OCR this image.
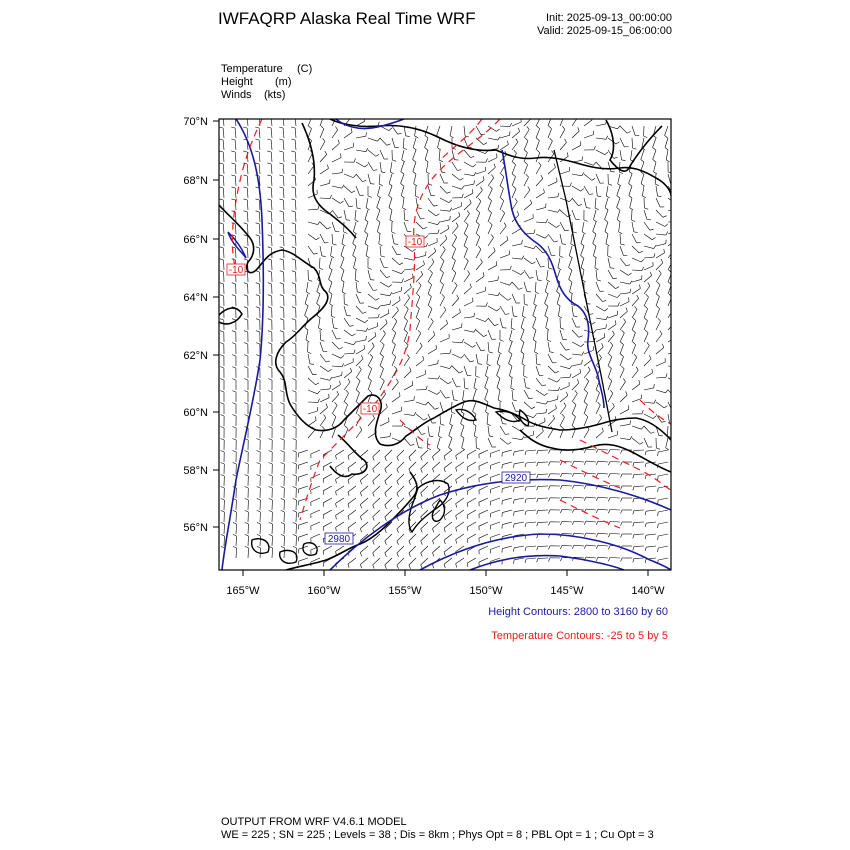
IWFAQRP Alaska Real Time WRF	Init: 2025-09-13_00:00:00
Valid: 2025-09-15_06:00:00
Temperature (C)
Height (m)
Winds (kts)
-10
-10
-10
2920
2980
70°N
68°N
66°N
64°N
62°N
60°N
58°N
56°N
165°W	160°W	155°W	150°W	145°W	140°W
Height Contours: 2800 to 3160 by 60
Temperature Contours: -25 to 5 by 5
OUTPUT FROM WRF V4.6.1 MODEL
WE = 225 ; SN = 225 ; Levels = 38 ; Dis = 8km ; Phys Opt = 8 ; PBL Opt = 1 ; Cu Opt = 3
